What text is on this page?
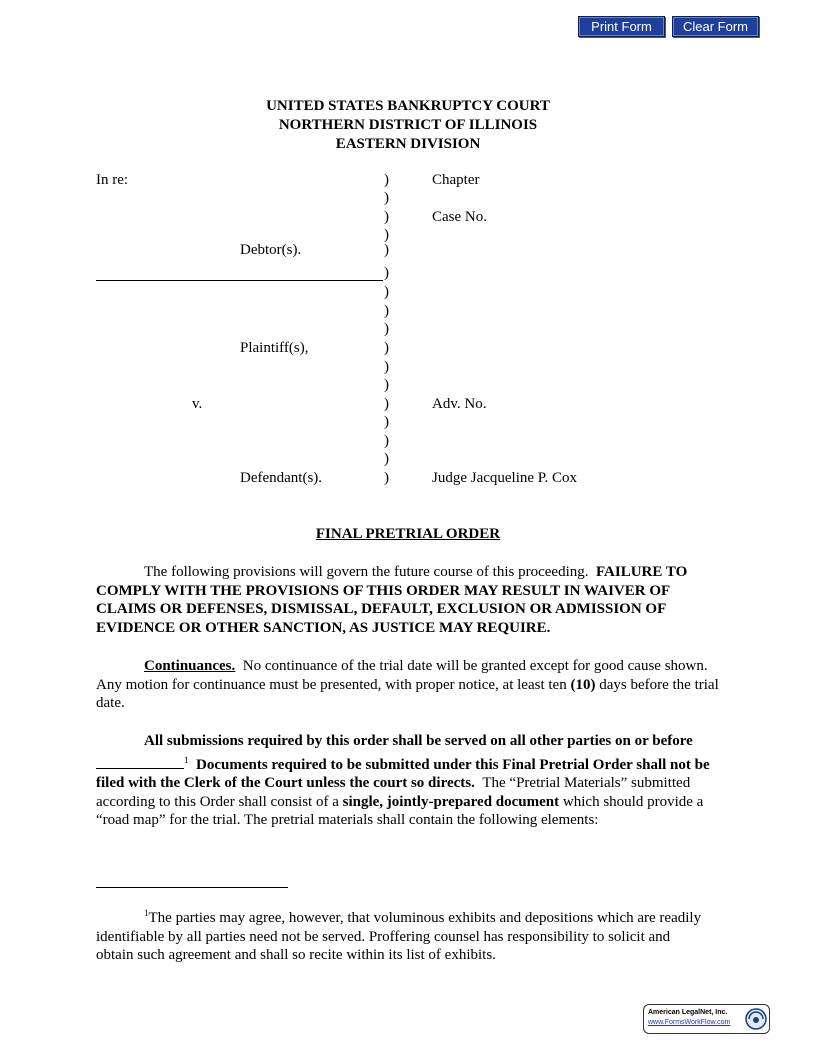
Print Form	Clear Form
UNITED STATES BANKRUPTCY COURT
NORTHERN DISTRICT OF ILLINOIS
EASTERN DIVISION
In re:	Chapter
Case No.
Debtor(s).
Plaintiff(s),
v.	Adv. No.
Defendant(s).	Judge Jacqueline P. Cox
)
)
)
)
)
)
)
)
)
)
)
)
)
)
)
)
)
FINAL PRETRIAL ORDER
The following provisions will govern the future course of this proceeding. FAILURE TO COMPLY WITH THE PROVISIONS OF THIS ORDER MAY RESULT IN WAIVER OF CLAIMS OR DEFENSES, DISMISSAL, DEFAULT, EXCLUSION OR ADMISSION OF EVIDENCE OR OTHER SANCTION, AS JUSTICE MAY REQUIRE.
Continuances. No continuance of the trial date will be granted except for good cause shown. Any motion for continuance must be presented, with proper notice, at least ten (10) days before the trial date.
All submissions required by this order shall be served on all other parties on or before $^1$ Documents required to be submitted under this Final Pretrial Order shall not be filed with the Clerk of the Court unless the court so directs. The “Pretrial Materials” submitted according to this Order shall consist of a single, jointly-prepared document which should provide a “road map” for the trial. The pretrial materials shall contain the following elements:
$^1$The parties may agree, however, that voluminous exhibits and depositions which are readily identifiable by all parties need not be served. Proffering counsel has responsibility to solicit and obtain such agreement and shall so recite within its list of exhibits.
American LegalNet, Inc.
www.FormsWorkFlow.com
